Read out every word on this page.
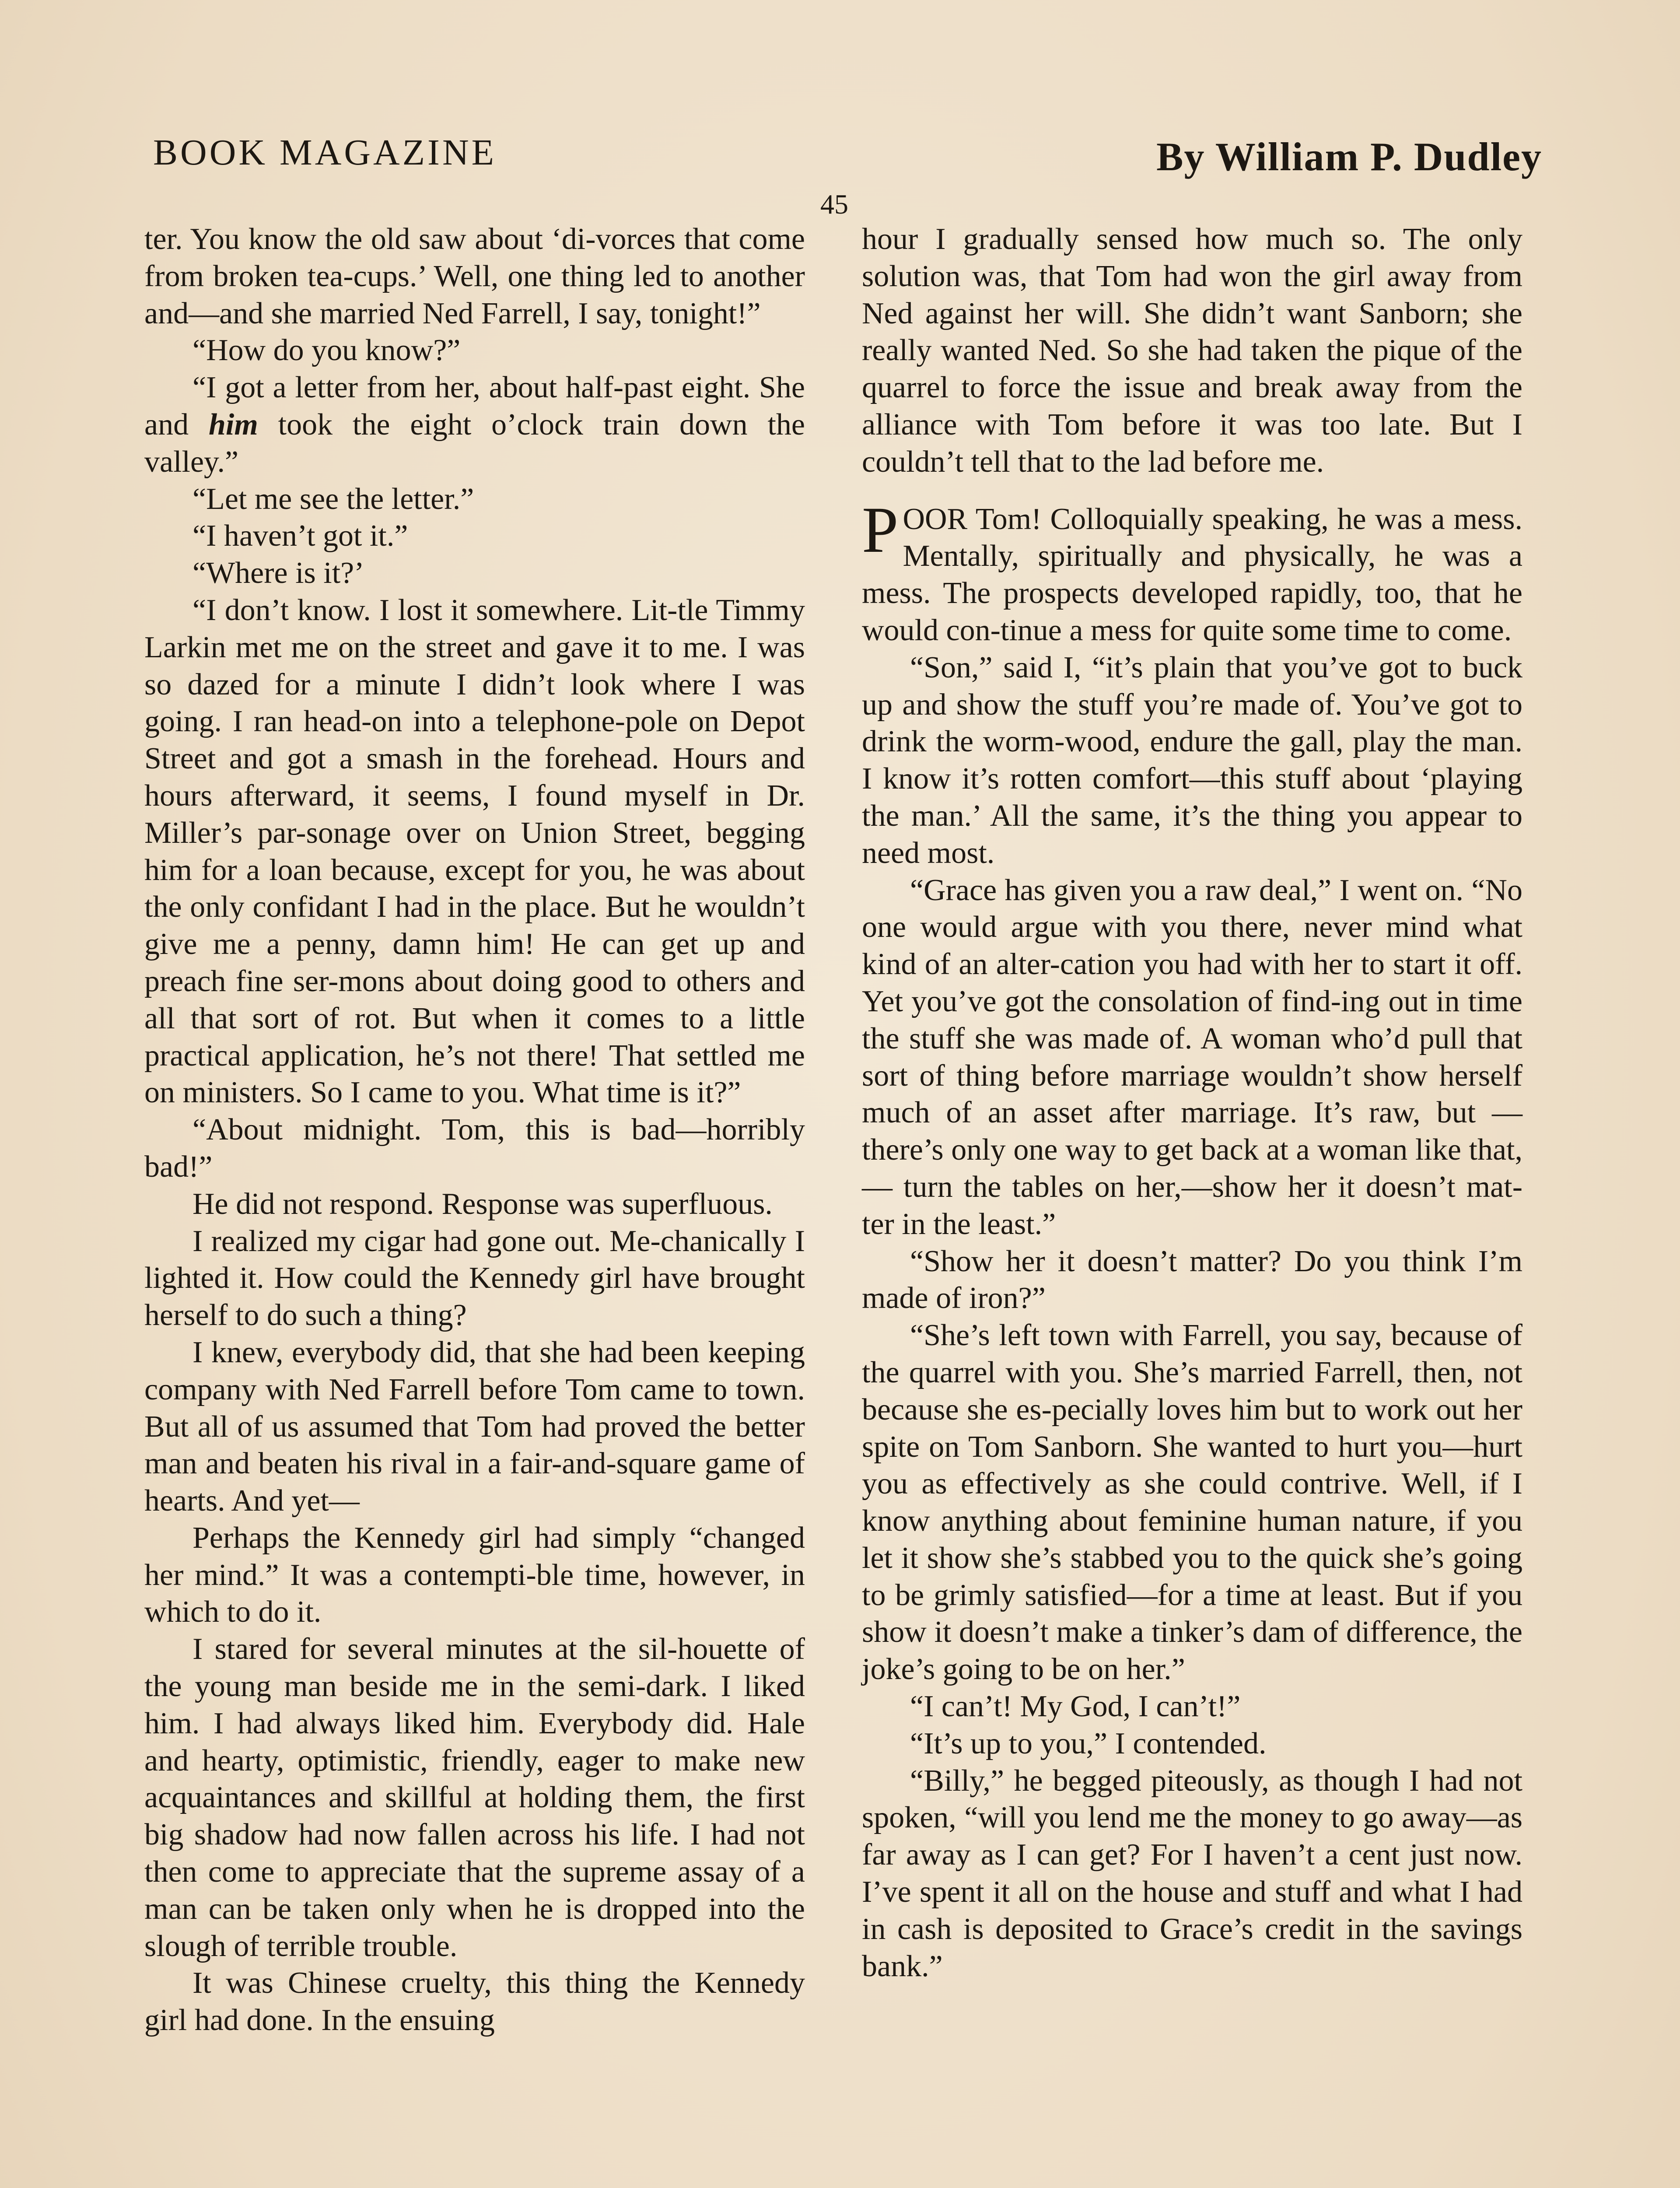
BOOK MAGAZINE	By William P. Dudley
45

ter. You know the old saw about ‘di-vorces that come from broken tea-cups.’ Well, one thing led to another and—and she married Ned Farrell, I say, tonight!”

“How do you know?”

“I got a letter from her, about half-past eight. She and him took the eight o’clock train down the valley.”

“Let me see the letter.”

“I haven’t got it.”

“Where is it?’

“I don’t know. I lost it somewhere. Lit-tle Timmy Larkin met me on the street and gave it to me. I was so dazed for a minute I didn’t look where I was going. I ran head-on into a telephone-pole on Depot Street and got a smash in the forehead. Hours and hours afterward, it seems, I found myself in Dr. Miller’s par-sonage over on Union Street, begging him for a loan because, except for you, he was about the only confidant I had in the place. But he wouldn’t give me a penny, damn him! He can get up and preach fine ser-mons about doing good to others and all that sort of rot. But when it comes to a little practical application, he’s not there! That settled me on ministers. So I came to you. What time is it?”

“About midnight. Tom, this is bad—horribly bad!”

He did not respond. Response was superfluous.

I realized my cigar had gone out. Me-chanically I lighted it. How could the Kennedy girl have brought herself to do such a thing?

I knew, everybody did, that she had been keeping company with Ned Farrell before Tom came to town. But all of us assumed that Tom had proved the better man and beaten his rival in a fair-and-square game of hearts. And yet—

Perhaps the Kennedy girl had simply “changed her mind.” It was a contempti-ble time, however, in which to do it.

I stared for several minutes at the sil-houette of the young man beside me in the semi-dark. I liked him. I had always liked him. Everybody did. Hale and hearty, optimistic, friendly, eager to make new acquaintances and skillful at holding them, the first big shadow had now fallen across his life. I had not then come to appreciate that the supreme assay of a man can be taken only when he is dropped into the slough of terrible trouble.

It was Chinese cruelty, this thing the Kennedy girl had done. In the ensuing

hour I gradually sensed how much so. The only solution was, that Tom had won the girl away from Ned against her will. She didn’t want Sanborn; she really wanted Ned. So she had taken the pique of the quarrel to force the issue and break away from the alliance with Tom before it was too late. But I couldn’t tell that to the lad before me.

POOR Tom! Colloquially speaking, he was a mess. Mentally, spiritually and physically, he was a mess. The prospects developed rapidly, too, that he would con-tinue a mess for quite some time to come.

“Son,” said I, “it’s plain that you’ve got to buck up and show the stuff you’re made of. You’ve got to drink the worm-wood, endure the gall, play the man. I know it’s rotten comfort—this stuff about ‘playing the man.’ All the same, it’s the thing you appear to need most.

“Grace has given you a raw deal,” I went on. “No one would argue with you there, never mind what kind of an alter-cation you had with her to start it off. Yet you’ve got the consolation of find-ing out in time the stuff she was made of. A woman who’d pull that sort of thing before marriage wouldn’t show herself much of an asset after marriage. It’s raw, but — there’s only one way to get back at a woman like that, — turn the tables on her,—show her it doesn’t mat-ter in the least.”

“Show her it doesn’t matter? Do you think I’m made of iron?”

“She’s left town with Farrell, you say, because of the quarrel with you. She’s married Farrell, then, not because she es-pecially loves him but to work out her spite on Tom Sanborn. She wanted to hurt you—hurt you as effectively as she could contrive. Well, if I know anything about feminine human nature, if you let it show she’s stabbed you to the quick she’s going to be grimly satisfied—for a time at least. But if you show it doesn’t make a tinker’s dam of difference, the joke’s going to be on her.”

“I can’t! My God, I can’t!”

“It’s up to you,” I contended.

“Billy,” he begged piteously, as though I had not spoken, “will you lend me the money to go away—as far away as I can get? For I haven’t a cent just now. I’ve spent it all on the house and stuff and what I had in cash is deposited to Grace’s credit in the savings bank.”
